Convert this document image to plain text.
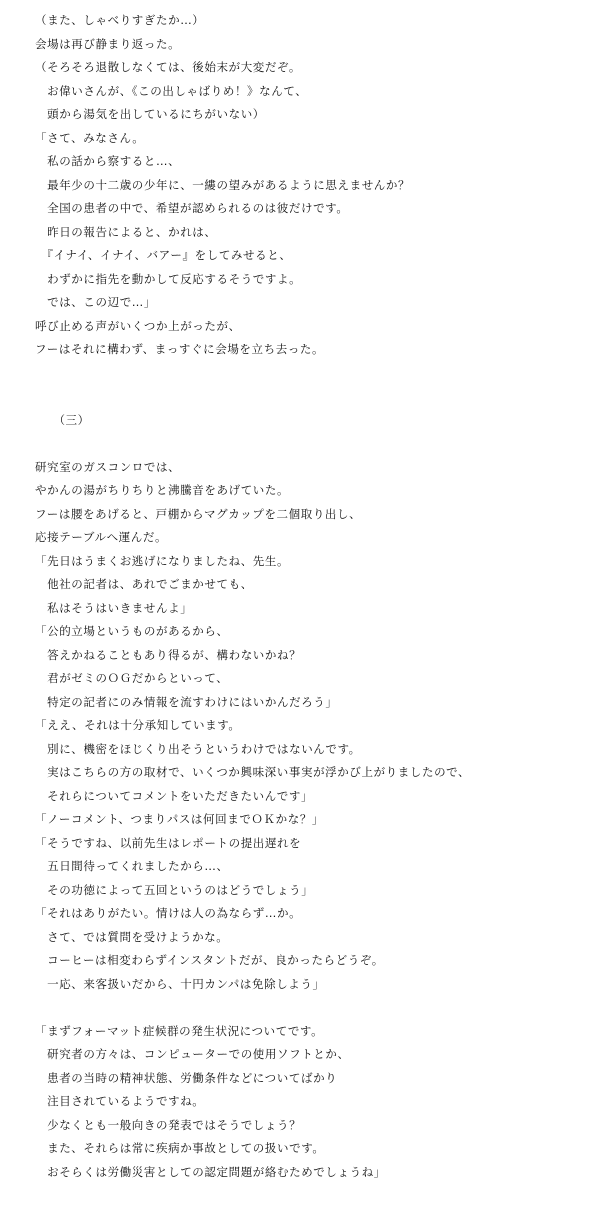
（また、しゃべりすぎたか…）
会場は再び静まり返った。
（そろそろ退散しなくては、後始末が大変だぞ。
　お偉いさんが、《この出しゃばりめ！》なんて、
　頭から湯気を出しているにちがいない）
「さて、みなさん。
　私の話から察すると…、
　最年少の十二歳の少年に、一縷の望みがあるように思えませんか？
　全国の患者の中で、希望が認められるのは彼だけです。
　昨日の報告によると、かれは、
　『イナイ、イナイ、バアー』をしてみせると、
　わずかに指先を動かして反応するそうですよ。
　では、この辺で…」
呼び止める声がいくつか上がったが、
フーはそれに構わず、まっすぐに会場を立ち去った。
　　（三）
研究室のガスコンロでは、
やかんの湯がちりちりと沸騰音をあげていた。
フーは腰をあげると、戸棚からマグカップを二個取り出し、
応接テーブルへ運んだ。
「先日はうまくお逃げになりましたね、先生。
　他社の記者は、あれでごまかせても、
　私はそうはいきませんよ」
「公的立場というものがあるから、
　答えかねることもあり得るが、構わないかね？
　君がゼミのＯＧだからといって、
　特定の記者にのみ情報を流すわけにはいかんだろう」
「ええ、それは十分承知しています。
　別に、機密をほじくり出そうというわけではないんです。
　実はこちらの方の取材で、いくつか興味深い事実が浮かび上がりましたので、
　それらについてコメントをいただきたいんです」
「ノーコメント、つまりパスは何回までＯＫかな？」
「そうですね、以前先生はレポートの提出遅れを
　五日間待ってくれましたから…、
　その功徳によって五回というのはどうでしょう」
「それはありがたい。情けは人の為ならず…か。
　さて、では質問を受けようかな。
　コーヒーは相変わらずインスタントだが、良かったらどうぞ。
　一応、来客扱いだから、十円カンパは免除しよう」
「まずフォーマット症候群の発生状況についてです。
　研究者の方々は、コンピューターでの使用ソフトとか、
　患者の当時の精神状態、労働条件などについてばかり
　注目されているようですね。
　少なくとも一般向きの発表ではそうでしょう？
　また、それらは常に疾病か事故としての扱いです。
　おそらくは労働災害としての認定問題が絡むためでしょうね」
